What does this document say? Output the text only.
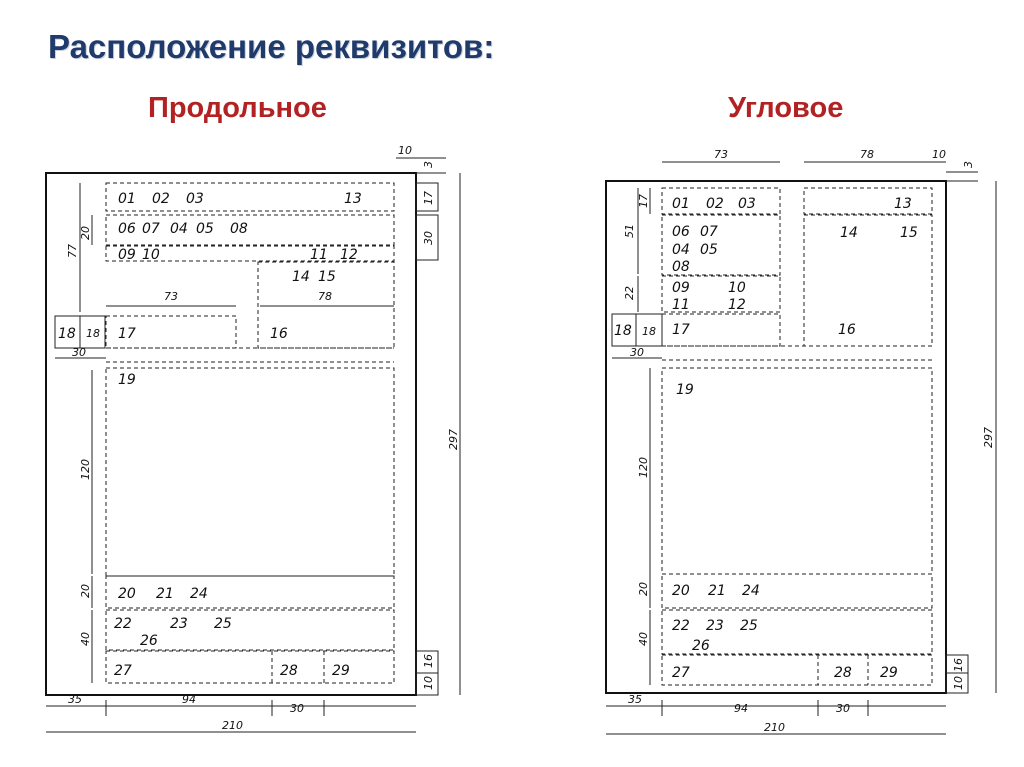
Расположение реквизитов:
Продольное	Угловое
01 02 03	13
06 07 04 05 08
09 10	11 12
14 15
17	16
19
20 21 24
22	23 25
26
27	28 29
10
3
17
30
20
77
73	78
18 18
30
120
297
20
40
16
10
35	94
30
210
01 02 03	13
06 07
04 05
08
14	15
09	10
11	12
17	16
19
20 21 24
22 23 25
26
27	28 29
73	78	10
3
17
51
22
18 18
30
120
297
20
40
16
10
35
94	30
210
